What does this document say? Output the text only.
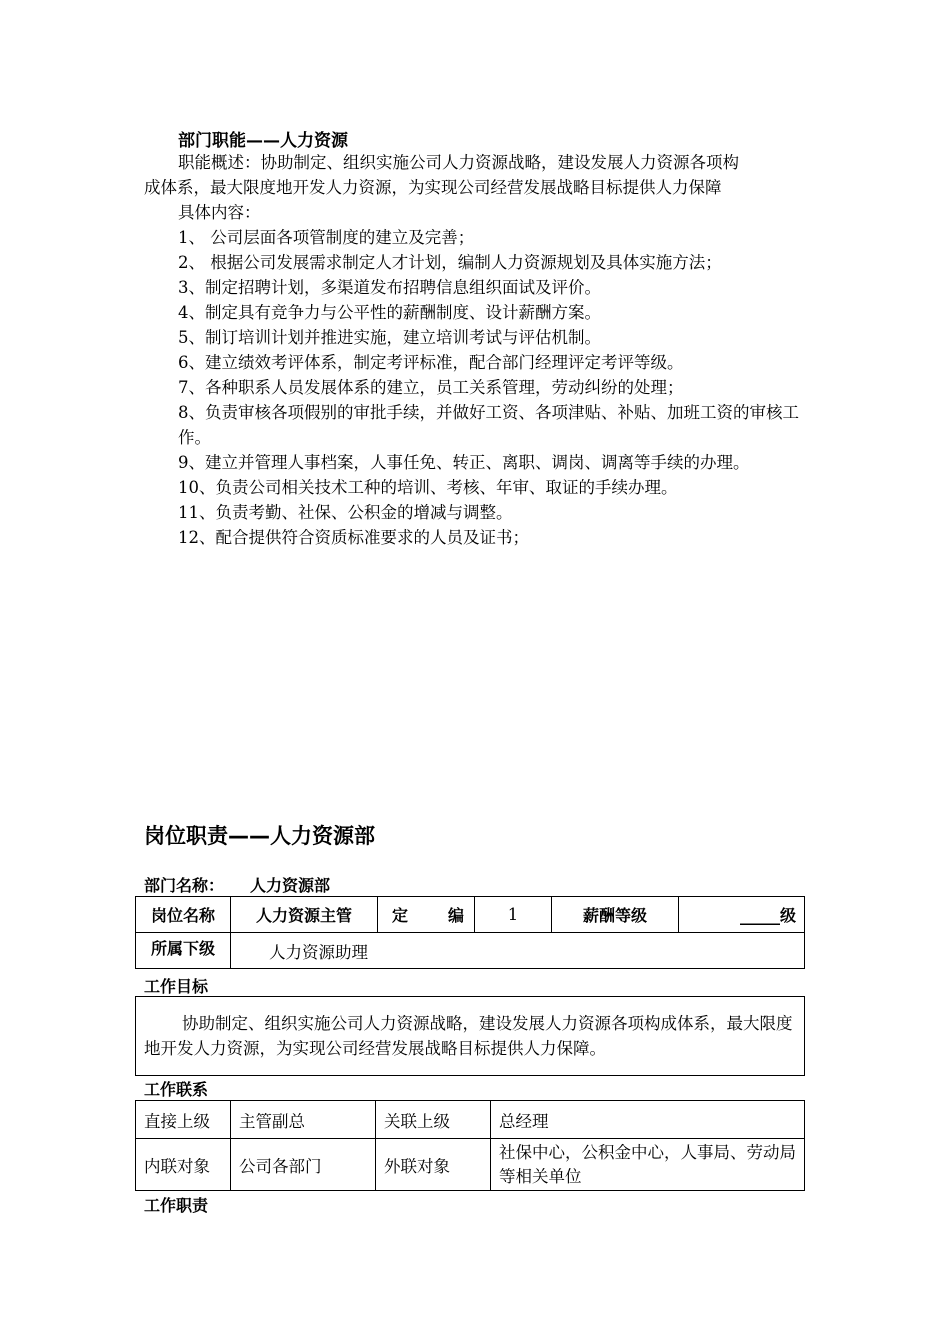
部门职能——人力资源
职能概述：协助制定、组织实施公司人力资源战略，建设发展人力资源各项构
成体系，最大限度地开发人力资源，为实现公司经营发展战略目标提供人力保障
具体内容：
1、 公司层面各项管制度的建立及完善；
2、 根据公司发展需求制定人才计划，编制人力资源规划及具体实施方法；
3、制定招聘计划，多渠道发布招聘信息组织面试及评价。
4、制定具有竞争力与公平性的薪酬制度、设计薪酬方案。
5、制订培训计划并推进实施，建立培训考试与评估机制。
6、建立绩效考评体系，制定考评标准，配合部门经理评定考评等级。
7、各种职系人员发展体系的建立，员工关系管理，劳动纠纷的处理；
8、负责审核各项假别的审批手续，并做好工资、各项津贴、补贴、加班工资的审核工作。
9、建立并管理人事档案，人事任免、转正、离职、调岗、调离等手续的办理。
10、负责公司相关技术工种的培训、考核、年审、取证的手续办理。
11、负责考勤、社保、公积金的增减与调整。
12、配合提供符合资质标准要求的人员及证书；
岗位职责——人力资源部
部门名称： 人力资源部
岗位名称	人力资源主管	定 编	1	薪酬等级	_____级
所属下级	人力资源助理				
工作目标
协助制定、组织实施公司人力资源战略，建设发展人力资源各项构成体系，最大限度地开发人力资源，为实现公司经营发展战略目标提供人力保障。
工作联系
直接上级	主管副总	关联上级	总经理
内联对象	公司各部门	外联对象	社保中心，公积金中心，人事局、劳动局等相关单位
工作职责
